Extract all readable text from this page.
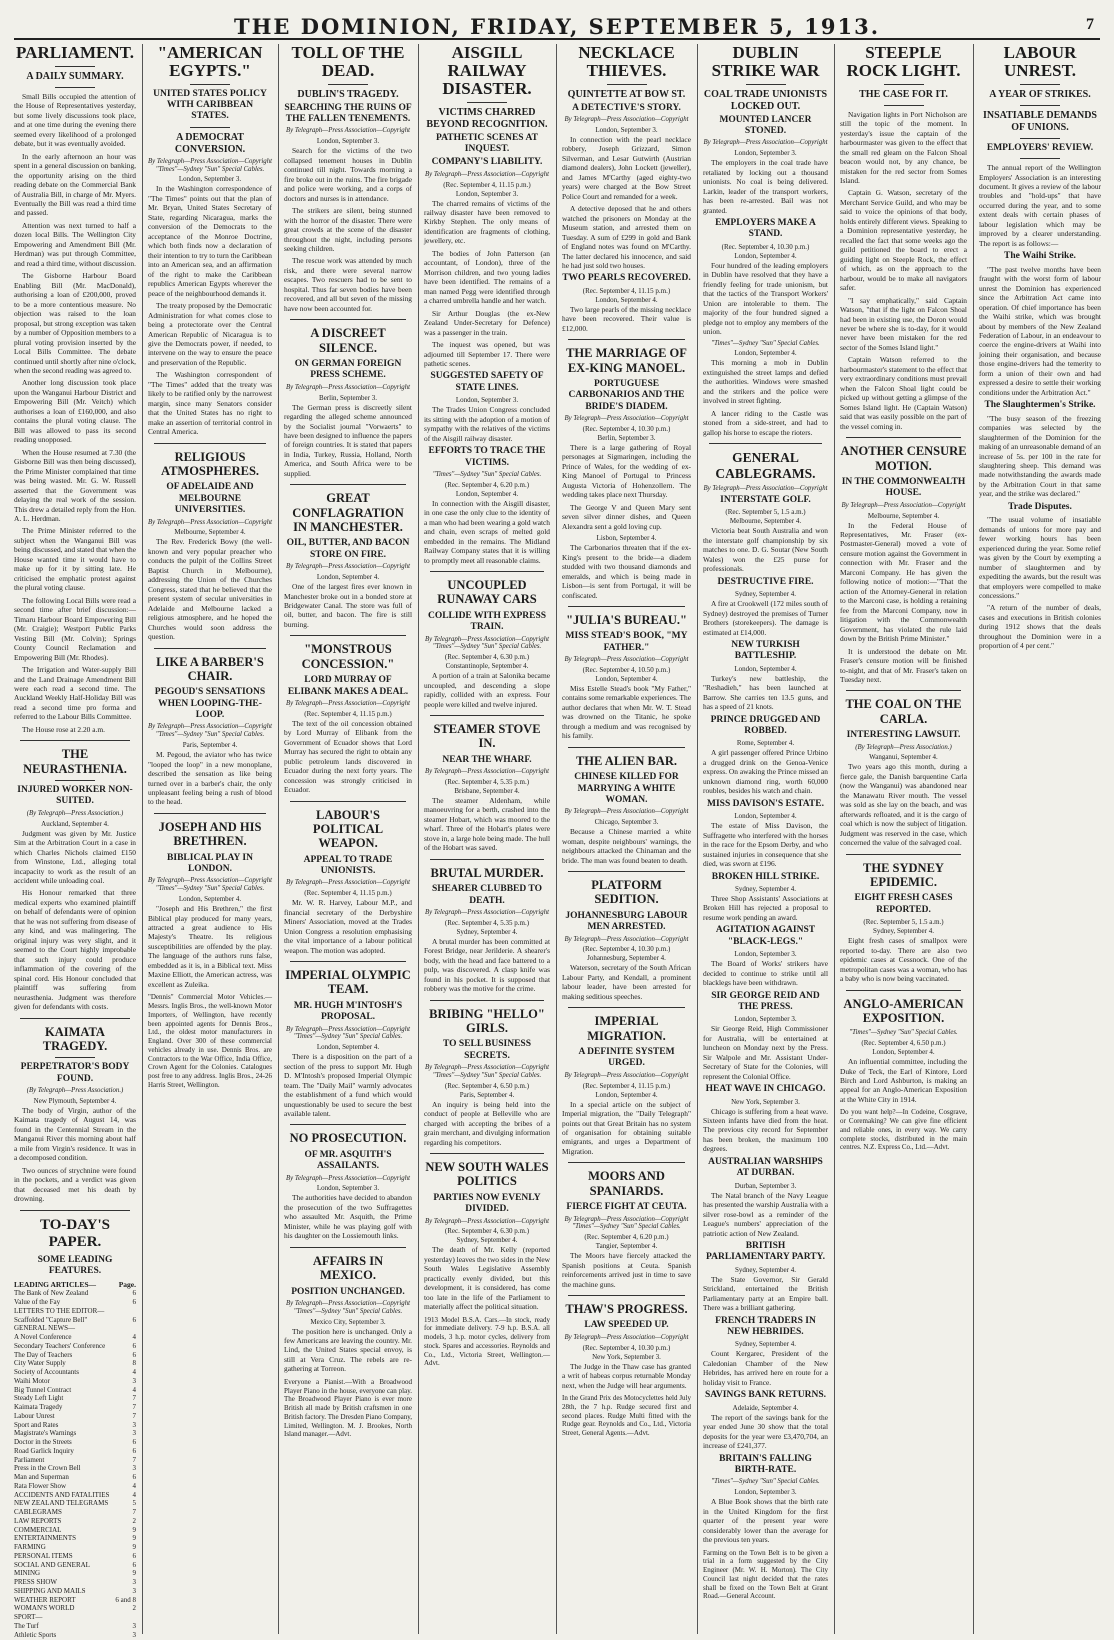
THE DOMINION, FRIDAY, SEPTEMBER 5, 1913.	7
PARLIAMENT.
A DAILY SUMMARY.

Small Bills occupied the attention of the House of Representatives yesterday, but some lively discussions took place, and at one time during the evening there seemed every likelihood of a prolonged debate, but it was eventually avoided.

In the early afternoon an hour was spent in a general discussion on banking, the opportunity arising on the third reading debate on the Commercial Bank of Australia Bill, in charge of Mr. Myers. Eventually the Bill was read a third time and passed.

Attention was next turned to half a dozen local Bills. The Wellington City Empowering and Amendment Bill (Mr. Herdman) was put through Committee, and read a third time, without discussion.

The Gisborne Harbour Board Enabling Bill (Mr. MacDonald), authorising a loan of £200,000, proved to be a more contentious measure. No objection was raised to the loan proposal, but strong exception was taken by a number of Opposition members to a plural voting provision inserted by the Local Bills Committee. The debate continued until shortly after nine o'clock, when the second reading was agreed to.

Another long discussion took place upon the Wanganui Harbour District and Empowering Bill (Mr. Veitch) which authorises a loan of £160,000, and also contains the plural voting clause. The Bill was allowed to pass its second reading unopposed.

When the House resumed at 7.30 (the Gisborne Bill was then being discussed), the Prime Minister complained that time was being wasted. Mr. G. W. Russell asserted that the Government was delaying the real work of the session. This drew a detailed reply from the Hon. A. L. Herdman.

The Prime Minister referred to the subject when the Wanganui Bill was being discussed, and stated that when the House wanted time it would have to make up for it by sitting late. He criticised the emphatic protest against the plural voting clause.

The following Local Bills were read a second time after brief discussion:—Timaru Harbour Board Empowering Bill (Mr. Craigie); Westport Public Parks Vesting Bill (Mr. Colvin); Springs County Council Reclamation and Empowering Bill (Mr. Rhodes).

The Irrigation and Water-supply Bill and the Land Drainage Amendment Bill were each read a second time. The Auckland Weekly Half-Holiday Bill was read a second time pro forma and referred to the Labour Bills Committee.

The House rose at 2.20 a.m.

THE NEURASTHENIA.
INJURED WORKER NON-SUITED.
(By Telegraph—Press Association.)
Auckland, September 4.

Judgment was given by Mr. Justice Sim at the Arbitration Court in a case in which Charles Nichols claimed £150 from Winstone, Ltd., alleging total incapacity to work as the result of an accident while unloading coal.

His Honour remarked that three medical experts who examined plaintiff on behalf of defendants were of opinion that he was not suffering from disease of any kind, and was malingering. The original injury was very slight, and it seemed to the Court highly improbable that such injury could produce inflammation of the covering of the spinal cord. His Honour concluded that plaintiff was suffering from neurasthenia. Judgment was therefore given for defendants with costs.

KAIMATA TRAGEDY.
PERPETRATOR'S BODY FOUND.
(By Telegraph—Press Association.)
New Plymouth, September 4.

The body of Virgin, author of the Kaimata tragedy of August 14, was found in the Centennial Stream in the Manganui River this morning about half a mile from Virgin's residence. It was in a decomposed condition.

Two ounces of strychnine were found in the pockets, and a verdict was given that deceased met his death by drowning.

TO-DAY'S PAPER.
SOME LEADING FEATURES.
LEADING ARTICLES—	Page.
The Bank of New Zealand	6
Value of the Fay	6
LETTERS TO THE EDITOR—
Scaffolded "Capture Bell"	6
GENERAL NEWS—
A Novel Conference	4
Secondary Teachers' Conference	6
The Day of Teachers	6
City Water Supply	8
Society of Accountants	4
Waihi Motor	3
Big Tunnel Contract	4
Steady Left Light	7
Kaimata Tragedy	7
Labour Unrest	7
Sport and Rates	3
Magistrate's Warnings	3
Doctor in the Streets	6
Road Garlick Inquiry	6
Parliament	7
Press in the Crown Bell	3
Man and Superman	6
Rata Flower Show	4
ACCIDENTS AND FATALITIES	4
NEW ZEALAND TELEGRAMS	5
CABLEGRAMS	7
LAW REPORTS	2
COMMERCIAL	9
ENTERTAINMENTS	9
FARMING	9
PERSONAL ITEMS	6
SOCIAL AND GENERAL	6
MINING	9
PRESS SHOW	3
SHIPPING AND MAILS	3
WEATHER REPORT	6 and 8
WOMAN'S WORLD	2
SPORT—
The Turf	3
Athletic Sports	3
"AMERICAN EGYPTS."
UNITED STATES POLICY WITH CARIBBEAN STATES.
A DEMOCRAT CONVERSION.
By Telegraph—Press Association—Copyright "Times"—Sydney "Sun" Special Cables.
London, September 3.

In the Washington correspondence of "The Times" points out that the plan of Mr. Bryan, United States Secretary of State, regarding Nicaragua, marks the conversion of the Democrats to the acceptance of the Monroe Doctrine, which both finds now a declaration of their intention to try to turn the Caribbean into an American sea, and an affirmation of the right to make the Caribbean republics American Egypts wherever the peace of the neighbourhood demands it.

The treaty proposed by the Democratic Administration for what comes close to being a protectorate over the Central American Republic of Nicaragua is to give the Democrats power, if needed, to intervene on the way to ensure the peace and preservation of the Republic.

The Washington correspondent of "The Times" added that the treaty was likely to be ratified only by the narrowest margin, since many Senators consider that the United States has no right to make an assertion of territorial control in Central America.

RELIGIOUS ATMOSPHERES.
OF ADELAIDE AND MELBOURNE UNIVERSITIES.
By Telegraph—Press Association—Copyright
Melbourne, September 4.

The Rev. Frederick Bowy (the well-known and very popular preacher who conducts the pulpit of the Collins Street Baptist Church in Melbourne), addressing the Union of the Churches Congress, stated that he believed that the present system of secular universities in Adelaide and Melbourne lacked a religious atmosphere, and he hoped the Churches would soon address the question.

LIKE A BARBER'S CHAIR.
PEGOUD'S SENSATIONS WHEN LOOPING-THE-LOOP.
By Telegraph—Press Association—Copyright "Times"—Sydney "Sun" Special Cables.
Paris, September 4.

M. Pegoud, the aviator who has twice "looped the loop" in a new monoplane, described the sensation as like being turned over in a barber's chair, the only unpleasant feeling being a rush of blood to the head.

JOSEPH AND HIS BRETHREN.
BIBLICAL PLAY IN LONDON.
By Telegraph—Press Association—Copyright "Times"—Sydney "Sun" Special Cables.
London, September 4.

"Joseph and His Brethren," the first Biblical play produced for many years, attracted a great audience to His Majesty's Theatre. Its religious susceptibilities are offended by the play. The language of the authors runs false, embedded as it is, in a Biblical text. Miss Maxine Elliott, the American actress, was excellent as Zuleika.

"Dennis" Commercial Motor Vehicles.—Messrs. Inglis Bros., the well-known Motor Importers, of Wellington, have recently been appointed agents for Dennis Bros., Ltd., the oldest motor manufacturers in England. Over 300 of these commercial vehicles already in use. Dennis Bros. are Contractors to the War Office, India Office, Crown Agent for the Colonies. Catalogues post free to any address. Inglis Bros., 24-26 Harris Street, Wellington.
TOLL OF THE DEAD.
DUBLIN'S TRAGEDY.
SEARCHING THE RUINS OF THE FALLEN TENEMENTS.
By Telegraph—Press Association—Copyright
London, September 3.

Search for the victims of the two collapsed tenement houses in Dublin continued till night. Towards morning a fire broke out in the ruins. The fire brigade and police were working, and a corps of doctors and nurses is in attendance.

The strikers are silent, being stunned with the horror of the disaster. There were great crowds at the scene of the disaster throughout the night, including persons seeking children.

The rescue work was attended by much risk, and there were several narrow escapes. Two rescuers had to be sent to hospital. Thus far seven bodies have been recovered, and all but seven of the missing have now been accounted for.

A DISCREET SILENCE.
ON GERMAN FOREIGN PRESS SCHEME.
By Telegraph—Press Association—Copyright
Berlin, September 3.

The German press is discreetly silent regarding the alleged scheme announced by the Socialist journal "Vorwaerts" to have been designed to influence the papers of foreign countries. It is stated that papers in India, Turkey, Russia, Holland, North America, and South Africa were to be supplied.

GREAT CONFLAGRATION IN MANCHESTER.
OIL, BUTTER, AND BACON STORE ON FIRE.
By Telegraph—Press Association—Copyright
London, September 4.

One of the largest fires ever known in Manchester broke out in a bonded store at Bridgewater Canal. The store was full of oil, butter, and bacon. The fire is still burning.

"MONSTROUS CONCESSION."
LORD MURRAY OF ELIBANK MAKES A DEAL.
By Telegraph—Press Association—Copyright
(Rec. September 4, 11.15 p.m.)

The text of the oil concession obtained by Lord Murray of Elibank from the Government of Ecuador shows that Lord Murray has secured the right to obtain any public petroleum lands discovered in Ecuador during the next forty years. The concession was strongly criticised in Ecuador.

LABOUR'S POLITICAL WEAPON.
APPEAL TO TRADE UNIONISTS.
By Telegraph—Press Association—Copyright
(Rec. September 4, 11.15 p.m.)

Mr. W. R. Harvey, Labour M.P., and financial secretary of the Derbyshire Miners' Association, moved at the Trades Union Congress a resolution emphasising the vital importance of a labour political weapon. The motion was adopted.

IMPERIAL OLYMPIC TEAM.
MR. HUGH M'INTOSH'S PROPOSAL.
By Telegraph—Press Association—Copyright "Times"—Sydney "Sun" Special Cables.
London, September 4.

There is a disposition on the part of a section of the press to support Mr. Hugh D. M'Intosh's proposed Imperial Olympic team. The "Daily Mail" warmly advocates the establishment of a fund which would unquestionably be used to secure the best available talent.

NO PROSECUTION.
OF MR. ASQUITH'S ASSAILANTS.
By Telegraph—Press Association—Copyright
London, September 3.

The authorities have decided to abandon the prosecution of the two Suffragettes who assaulted Mr. Asquith, the Prime Minister, while he was playing golf with his daughter on the Lossiemouth links.

AFFAIRS IN MEXICO.
POSITION UNCHANGED.
By Telegraph—Press Association—Copyright "Times"—Sydney "Sun" Special Cables.
Mexico City, September 3.

The position here is unchanged. Only a few Americans are leaving the country. Mr. Lind, the United States special envoy, is still at Vera Cruz. The rebels are re-gathering at Torreon.

Everyone a Pianist.—With a Broadwood Player Piano in the house, everyone can play. The Broadwood Player Piano is ever more British all made by British craftsmen in one British factory. The Dresden Piano Company, Limited, Wellington. M. J. Brookes, North Island manager.—Advt.
AISGILL RAILWAY DISASTER.
VICTIMS CHARRED BEYOND RECOGNITION.
PATHETIC SCENES AT INQUEST.
COMPANY'S LIABILITY.
By Telegraph—Press Association—Copyright
(Rec. September 4, 11.15 p.m.)
London, September 3.

The charred remains of victims of the railway disaster have been removed to Kirkby Stephen. The only means of identification are fragments of clothing, jewellery, etc.

The bodies of John Patterson (an accountant, of London), three of the Morrison children, and two young ladies have been identified. The remains of a man named Pegg were identified through a charred umbrella handle and her watch.

Sir Arthur Douglas (the ex-New Zealand Under-Secretary for Defence) was a passenger in the train.

The inquest was opened, but was adjourned till September 17. There were pathetic scenes.

SUGGESTED SAFETY OF STATE LINES.
London, September 3.

The Trades Union Congress concluded its sitting with the adoption of a motion of sympathy with the relatives of the victims of the Aisgill railway disaster.

EFFORTS TO TRACE THE VICTIMS.
"Times"—Sydney "Sun" Special Cables.
(Rec. September 4, 6.20 p.m.)
London, September 4.

In connection with the Aisgill disaster, in one case the only clue to the identity of a man who had been wearing a gold watch and chain, even scraps of melted gold embedded in the remains. The Midland Railway Company states that it is willing to promptly meet all reasonable claims.

UNCOUPLED RUNAWAY CARS
COLLIDE WITH EXPRESS TRAIN.
By Telegraph—Press Association—Copyright "Times"—Sydney "Sun" Special Cables.
(Rec. September 4, 6.30 p.m.)
Constantinople, September 4.

A portion of a train at Salonika became uncoupled, and descending a slope rapidly, collided with an express. Four people were killed and twelve injured.

STEAMER STOVE IN.
NEAR THE WHARF.
By Telegraph—Press Association—Copyright
(Rec. September 4, 5.35 p.m.)
Brisbane, September 4.

The steamer Aldenham, while manoeuvring for a berth, crashed into the steamer Hobart, which was moored to the wharf. Three of the Hobart's plates were stove in, a large hole being made. The hull of the Hobart was saved.

BRUTAL MURDER.
SHEARER CLUBBED TO DEATH.
By Telegraph—Press Association—Copyright
(Rec. September 4, 5.35 p.m.)
Sydney, September 4.

A brutal murder has been committed at Forest Bridge, near Jerilderie. A shearer's body, with the head and face battered to a pulp, was discovered. A clasp knife was found in his pocket. It is supposed that robbery was the motive for the crime.

BRIBING "HELLO" GIRLS.
TO SELL BUSINESS SECRETS.
By Telegraph—Press Association—Copyright "Times"—Sydney "Sun" Special Cables.
(Rec. September 4, 6.50 p.m.)
Paris, September 4.

An inquiry is being held into the conduct of people at Belleville who are charged with accepting the bribes of a grain merchant, and divulging information regarding his competitors.

NEW SOUTH WALES POLITICS
PARTIES NOW EVENLY DIVIDED.
By Telegraph—Press Association—Copyright
(Rec. September 4, 6.30 p.m.)
Sydney, September 4.

The death of Mr. Kelly (reported yesterday) leaves the two sides in the New South Wales Legislative Assembly practically evenly divided, but this development, it is considered, has come too late in the life of the Parliament to materially affect the political situation.

1913 Model B.S.A. Cars.—In stock, ready for immediate delivery. 7-9 h.p. B.S.A. all models, 3 h.p. motor cycles, delivery from stock. Spares and accessories. Reynolds and Co., Ltd., Victoria Street, Wellington.—Advt.
NECKLACE THIEVES.
QUINTETTE AT BOW ST.
A DETECTIVE'S STORY.
By Telegraph—Press Association—Copyright
London, September 3.

In connection with the pearl necklace robbery, Joseph Grizzard, Simon Silverman, and Lesar Gutwirth (Austrian diamond dealers), John Lockett (jeweller), and James M'Carthy (aged eighty-two years) were charged at the Bow Street Police Court and remanded for a week.

A detective deposed that he and others watched the prisoners on Monday at the Museum station, and arrested them on Tuesday. A sum of £299 in gold and Bank of England notes was found on M'Carthy. The latter declared his innocence, and said he had just sold two houses.

TWO PEARLS RECOVERED.
(Rec. September 4, 11.15 p.m.)
London, September 4.

Two large pearls of the missing necklace have been recovered. Their value is £12,000.

THE MARRIAGE OF EX-KING MANOEL.
PORTUGUESE CARBONARIOS AND THE BRIDE'S DIADEM.
By Telegraph—Press Association—Copyright
(Rec. September 4, 10.30 p.m.)
Berlin, September 3.

There is a large gathering of Royal personages at Sigmaringen, including the Prince of Wales, for the wedding of ex-King Manoel of Portugal to Princess Augusta Victoria of Hohenzollern. The wedding takes place next Thursday.

The George V and Queen Mary sent seven silver dinner dishes, and Queen Alexandra sent a gold loving cup.

Lisbon, September 4.

The Carbonarios threaten that if the ex-King's present to the bride—a diadem studded with two thousand diamonds and emeralds, and which is being made in Lisbon—is sent from Portugal, it will be confiscated.

"JULIA'S BUREAU."
MISS STEAD'S BOOK, "MY FATHER."
By Telegraph—Press Association—Copyright
(Rec. September 4, 10.50 p.m.)
London, September 4.

Miss Estelle Stead's book "My Father," contains some remarkable experiences. The author declares that when Mr. W. T. Stead was drowned on the Titanic, he spoke through a medium and was recognised by his family.

THE ALIEN BAR.
CHINESE KILLED FOR MARRYING A WHITE WOMAN.
By Telegraph—Press Association—Copyright
Chicago, September 3.

Because a Chinese married a white woman, despite neighbours' warnings, the neighbours attacked the Chinaman and the bride. The man was found beaten to death.

PLATFORM SEDITION.
JOHANNESBURG LABOUR MEN ARRESTED.
By Telegraph—Press Association—Copyright
(Rec. September 4, 10.30 p.m.)
Johannesburg, September 4.

Waterson, secretary of the South African Labour Party, and Kendall, a prominent labour leader, have been arrested for making seditious speeches.

IMPERIAL MIGRATION.
A DEFINITE SYSTEM URGED.
By Telegraph—Press Association—Copyright
(Rec. September 4, 11.15 p.m.)
London, September 4.

In a special article on the subject of Imperial migration, the "Daily Telegraph" points out that Great Britain has no system of organisation for obtaining suitable emigrants, and urges a Department of Migration.

MOORS AND SPANIARDS.
FIERCE FIGHT AT CEUTA.
By Telegraph—Press Association—Copyright "Times"—Sydney "Sun" Special Cables.
(Rec. September 4, 6.20 p.m.)
Tangier, September 4.

The Moors have fiercely attacked the Spanish positions at Ceuta. Spanish reinforcements arrived just in time to save the machine guns.

THAW'S PROGRESS.
LAW SPEEDED UP.
By Telegraph—Press Association—Copyright
(Rec. September 4, 10.30 p.m.)
New York, September 3.

The Judge in the Thaw case has granted a writ of habeas corpus returnable Monday next, when the Judge will hear arguments.

In the Grand Prix des Motocyclettes held July 28th, the 7 h.p. Rudge secured first and second places. Rudge Multi fitted with the Rudge gear. Reynolds and Co., Ltd., Victoria Street, General Agents.—Advt.
DUBLIN STRIKE WAR
COAL TRADE UNIONISTS LOCKED OUT.
MOUNTED LANCER STONED.
By Telegraph—Press Association—Copyright
London, September 3.

The employers in the coal trade have retaliated by locking out a thousand unionists. No coal is being delivered. Larkin, leader of the transport workers, has been re-arrested. Bail was not granted.

EMPLOYERS MAKE A STAND.
(Rec. September 4, 10.30 p.m.)
London, September 4.

Four hundred of the leading employers in Dublin have resolved that they have a friendly feeling for trade unionism, but that the tactics of the Transport Workers' Union are intolerable to them. The majority of the four hundred signed a pledge not to employ any members of the union.

"Times"—Sydney "Sun" Special Cables.
London, September 4.

This morning a mob in Dublin extinguished the street lamps and defied the authorities. Windows were smashed and the strikers and the police were involved in street fighting.

A lancer riding to the Castle was stoned from a side-street, and had to gallop his horse to escape the rioters.

GENERAL CABLEGRAMS.
By Telegraph—Press Association—Copyright
INTERSTATE GOLF.
(Rec. September 5, 1.5 a.m.)
Melbourne, September 4.

Victoria beat South Australia and won the interstate golf championship by six matches to one. D. G. Soutar (New South Wales) won the £25 purse for professionals.

DESTRUCTIVE FIRE.
Sydney, September 4.

A fire at Crookwell (172 miles south of Sydney) destroyed the premises of Turner Brothers (storekeepers). The damage is estimated at £14,000.

NEW TURKISH BATTLESHIP.
London, September 4.

Turkey's new battleship, the "Reshadieh," has been launched at Barrow. She carries ten 13.5 guns, and has a speed of 21 knots.

PRINCE DRUGGED AND ROBBED.
Rome, September 4.

A girl passenger offered Prince Urbino a drugged drink on the Genoa-Venice express. On awaking the Prince missed an unknown diamond ring, worth 60,000 roubles, besides his watch and chain.

MISS DAVISON'S ESTATE.
London, September 4.

The estate of Miss Davison, the Suffragette who interfered with the horses in the race for the Epsom Derby, and who sustained injuries in consequence that she died, was sworn at £196.

BROKEN HILL STRIKE.
Sydney, September 4.

Three Shop Assistants' Associations at Broken Hill has rejected a proposal to resume work pending an award.

AGITATION AGAINST "BLACK-LEGS."
London, September 3.

The Board of Works' strikers have decided to continue to strike until all blacklegs have been withdrawn.

SIR GEORGE REID AND THE PRESS.
London, September 3.

Sir George Reid, High Commissioner for Australia, will be entertained at luncheon on Monday next by the Press. Sir Walpole and Mr. Assistant Under-Secretary of State for the Colonies, will represent the Colonial Office.

HEAT WAVE IN CHICAGO.
New York, September 3.

Chicago is suffering from a heat wave. Sixteen infants have died from the heat. The previous city record for September has been broken, the maximum 100 degrees.

AUSTRALIAN WARSHIPS AT DURBAN.
Durban, September 3.

The Natal branch of the Navy League has presented the warship Australia with a silver rose-bowl as a reminder of the League's numbers' appreciation of the patriotic action of New Zealand.

BRITISH PARLIAMENTARY PARTY.
Sydney, September 4.

The State Governor, Sir Gerald Strickland, entertained the British Parliamentary party at an Empire ball. There was a brilliant gathering.

FRENCH TRADERS IN NEW HEBRIDES.
Sydney, September 4.

Count Kergarec, President of the Caledonian Chamber of the New Hebrides, has arrived here en route for a holiday visit to France.

SAVINGS BANK RETURNS.
Adelaide, September 4.

The report of the savings bank for the year ended June 30 show that the total deposits for the year were £3,470,704, an increase of £241,377.

BRITAIN'S FALLING BIRTH-RATE.
"Times"—Sydney "Sun" Special Cables.
London, September 3.

A Blue Book shows that the birth rate in the United Kingdom for the first quarter of the present year were considerably lower than the average for the previous ten years.

Farming on the Town Belt is to be given a trial in a form suggested by the City Engineer (Mr. W. H. Morton). The City Council last night decided that the rates shall be fixed on the Town Belt at Grant Road.—General Account.
STEEPLE ROCK LIGHT.
THE CASE FOR IT.

Navigation lights in Port Nicholson are still the topic of the moment. In yesterday's issue the captain of the harbourmaster was given to the effect that the small red gleam on the Falcon Shoal beacon would not, by any chance, be mistaken for the red sector from Somes Island.

Captain G. Watson, secretary of the Merchant Service Guild, and who may be said to voice the opinions of that body, holds entirely different views. Speaking to a Dominion representative yesterday, he recalled the fact that some weeks ago the guild petitioned the board to erect a guiding light on Steeple Rock, the effect of which, as on the approach to the harbour, would be to make all navigators safer.

"I say emphatically," said Captain Watson, "that if the light on Falcon Shoal had been in existing use, the Doron would never be where she is to-day, for it would never have been mistaken for the red sector of the Somes Island light."

Captain Watson referred to the harbourmaster's statement to the effect that very extraordinary conditions must prevail when the Falcon Shoal light could be picked up without getting a glimpse of the Somes Island light. He (Captain Watson) said that was easily possible on the part of the vessel coming in.

ANOTHER CENSURE MOTION.
IN THE COMMONWEALTH HOUSE.
By Telegraph—Press Association—Copyright
Melbourne, September 4.

In the Federal House of Representatives, Mr. Fraser (ex-Postmaster-General) moved a vote of censure motion against the Government in connection with Mr. Fraser and the Marconi Company. He has given the following notice of motion:—"That the action of the Attorney-General in relation to the Marconi case, is holding a retaining fee from the Marconi Company, now in litigation with the Commonwealth Government, has violated the rule laid down by the British Prime Minister."

It is understood the debate on Mr. Fraser's censure motion will be finished to-night, and that of Mr. Fraser's taken on Tuesday next.

THE COAL ON THE CARLA.
INTERESTING LAWSUIT.
(By Telegraph—Press Association.)
Wanganui, September 4.

Two years ago this month, during a fierce gale, the Danish barquentine Carla (now the Wanganui) was abandoned near the Manawatu River mouth. The vessel was sold as she lay on the beach, and was afterwards refloated, and it is the cargo of coal which is now the subject of litigation. Judgment was reserved in the case, which concerned the value of the salvaged coal.

THE SYDNEY EPIDEMIC.
EIGHT FRESH CASES REPORTED.
(Rec. September 5, 1.5 a.m.)
Sydney, September 4.

Eight fresh cases of smallpox were reported to-day. There are also two epidemic cases at Cessnock. One of the metropolitan cases was a woman, who has a baby who is now being vaccinated.

ANGLO-AMERICAN EXPOSITION.
"Times"—Sydney "Sun" Special Cables.
(Rec. September 4, 6.50 p.m.)
London, September 4.

An influential committee, including the Duke of Teck, the Earl of Kintore, Lord Birch and Lord Ashburton, is making an appeal for an Anglo-American Exposition at the White City in 1914.

Do you want help?—In Codeine, Cosgrave, or Coremaking? We can give fine efficient and reliable ones, in every way. We carry complete stocks, distributed in the main centres. N.Z. Express Co., Ltd.—Advt.
LABOUR UNREST.
A YEAR OF STRIKES.
INSATIABLE DEMANDS OF UNIONS.
EMPLOYERS' REVIEW.

The annual report of the Wellington Employers' Association is an interesting document. It gives a review of the labour troubles and "hold-ups" that have occurred during the year, and to some extent deals with certain phases of labour legislation which may be improved by a clearer understanding. The report is as follows:—

The Waihi Strike.

"The past twelve months have been fraught with the worst form of labour unrest the Dominion has experienced since the Arbitration Act came into operation. Of chief importance has been the Waihi strike, which was brought about by members of the New Zealand Federation of Labour, in an endeavour to coerce the engine-drivers at Waihi into joining their organisation, and because those engine-drivers had the temerity to form a union of their own and had expressed a desire to settle their working conditions under the Arbitration Act."

The Slaughtermen's Strike.

"The busy season of the freezing companies was selected by the slaughtermen of the Dominion for the making of an unreasonable demand of an increase of 5s. per 100 in the rate for slaughtering sheep. This demand was made notwithstanding the awards made by the Arbitration Court in that same year, and the strike was declared."

Trade Disputes.

"The usual volume of insatiable demands of unions for more pay and fewer working hours has been experienced during the year. Some relief was given by the Court by exempting a number of slaughtermen and by expediting the awards, but the result was that employers were compelled to make concessions."

"A return of the number of deals, cases and executions in British colonies during 1912 shows that the deals throughout the Dominion were in a proportion of 4 per cent."
